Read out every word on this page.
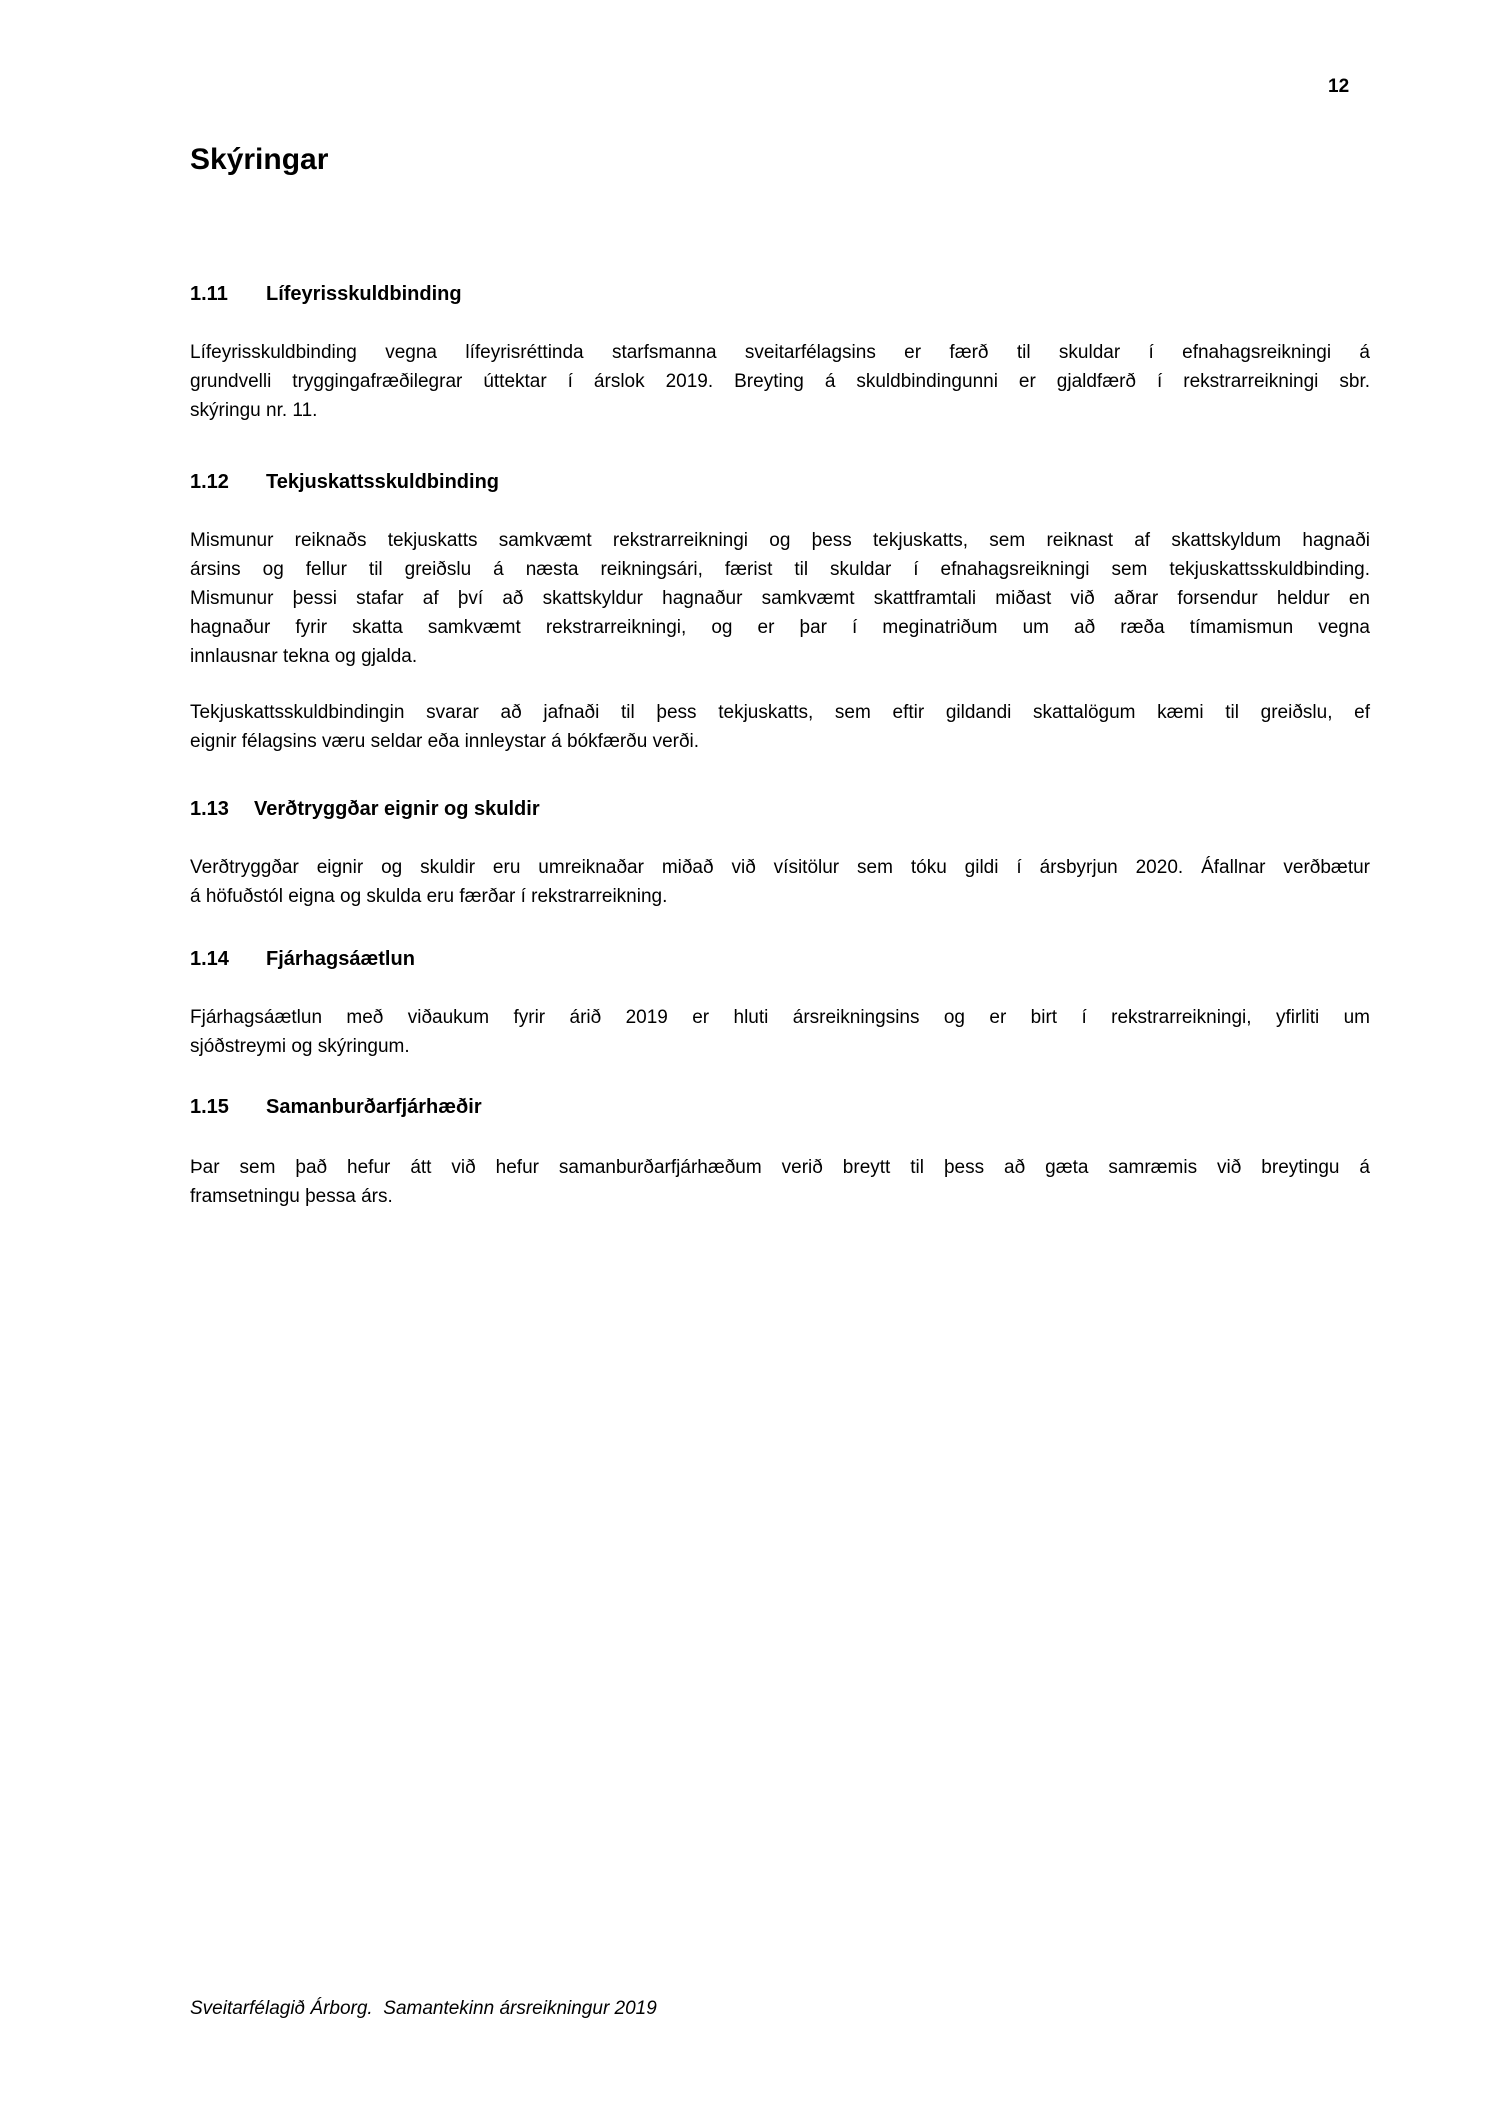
12
Skýringar
1.11 Lífeyrisskuldbinding
Lífeyrisskuldbinding vegna lífeyrisréttinda starfsmanna sveitarfélagsins er færð til skuldar í efnahagsreikningi á
grundvelli tryggingafræðilegrar úttektar í árslok 2019. Breyting á skuldbindingunni er gjaldfærð í rekstrarreikningi sbr.
skýringu nr. 11.
1.12 Tekjuskattsskuldbinding
Mismunur reiknaðs tekjuskatts samkvæmt rekstrarreikningi og þess tekjuskatts, sem reiknast af skattskyldum hagnaði
ársins og fellur til greiðslu á næsta reikningsári, færist til skuldar í efnahagsreikningi sem tekjuskattsskuldbinding.
Mismunur þessi stafar af því að skattskyldur hagnaður samkvæmt skattframtali miðast við aðrar forsendur heldur en
hagnaður fyrir skatta samkvæmt rekstrarreikningi, og er þar í meginatriðum um að ræða tímamismun vegna
innlausnar tekna og gjalda.
Tekjuskattsskuldbindingin svarar að jafnaði til þess tekjuskatts, sem eftir gildandi skattalögum kæmi til greiðslu, ef
eignir félagsins væru seldar eða innleystar á bókfærðu verði.
1.13 Verðtryggðar eignir og skuldir
Verðtryggðar eignir og skuldir eru umreiknaðar miðað við vísitölur sem tóku gildi í ársbyrjun 2020. Áfallnar verðbætur
á höfuðstól eigna og skulda eru færðar í rekstrarreikning.
1.14 Fjárhagsáætlun
Fjárhagsáætlun með viðaukum fyrir árið 2019 er hluti ársreikningsins og er birt í rekstrarreikningi, yfirliti um
sjóðstreymi og skýringum.
1.15 Samanburðarfjárhæðir
Þar sem það hefur átt við hefur samanburðarfjárhæðum verið breytt til þess að gæta samræmis við breytingu á
framsetningu þessa árs.
Sveitarfélagið Árborg.  Samantekinn ársreikningur 2019
